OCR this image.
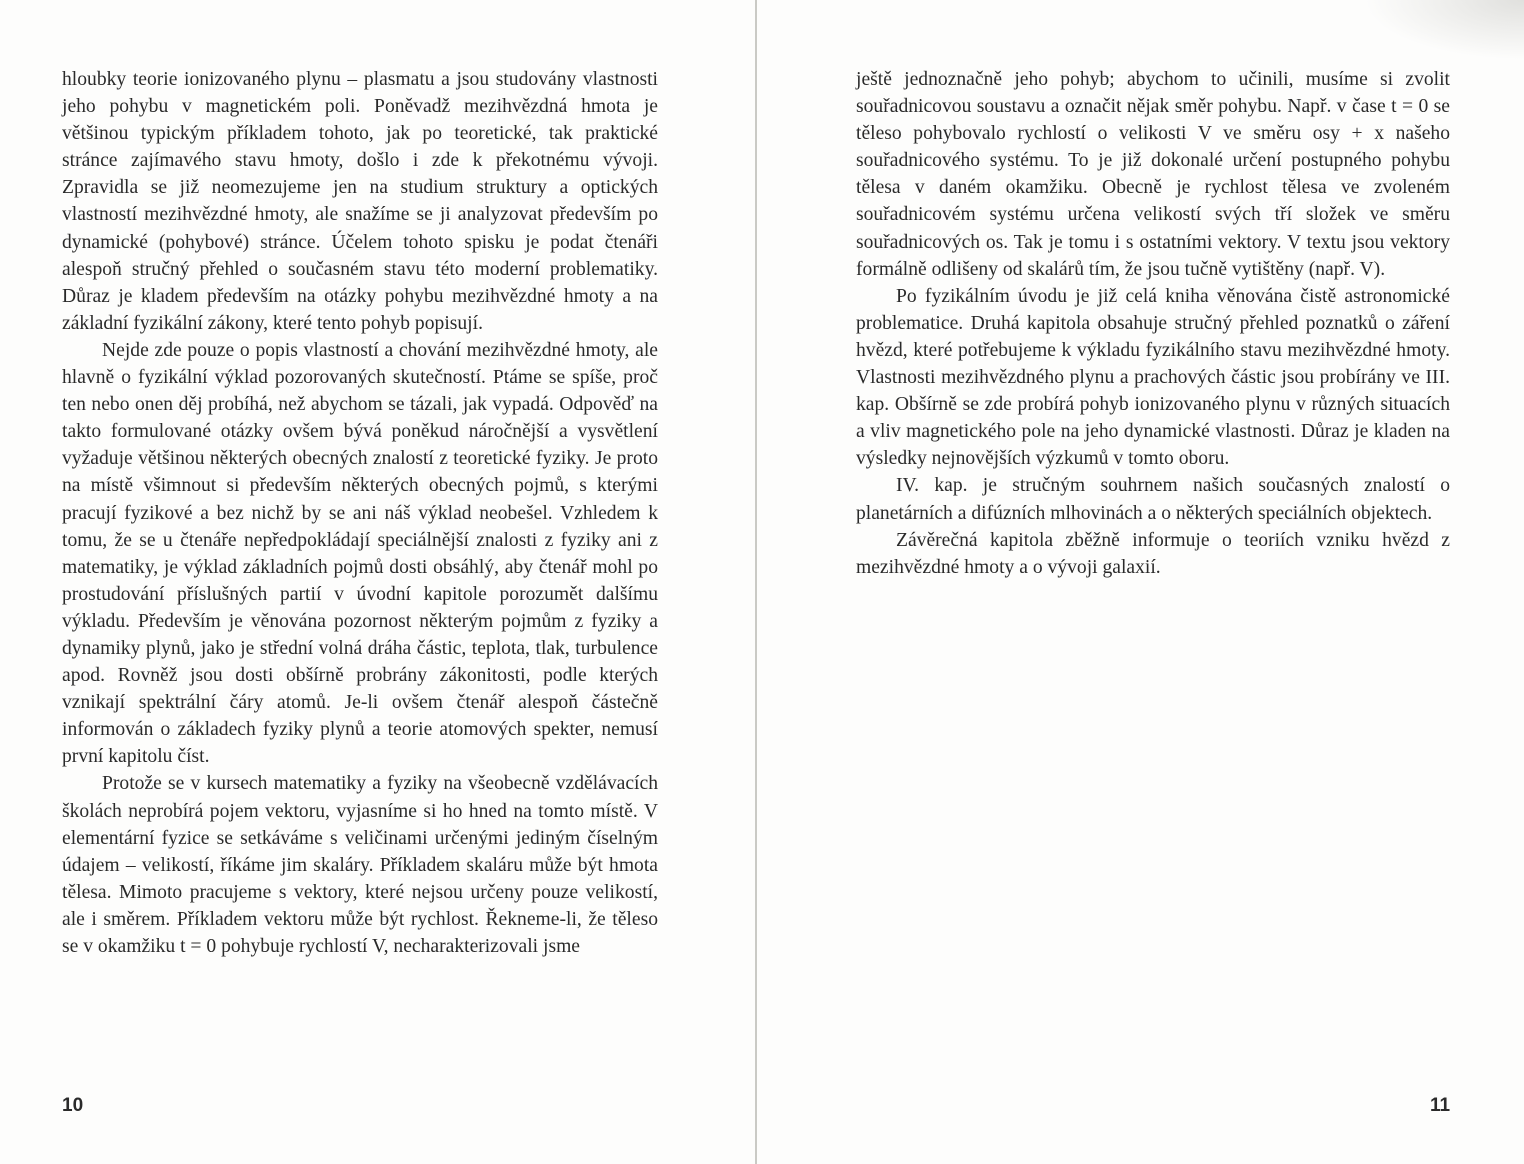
hloubky teorie ionizovaného plynu – plasmatu a jsou studovány vlastnosti jeho pohybu v magnetickém poli. Poněvadž mezihvězdná hmota je většinou typickým příkladem tohoto, jak po teoretické, tak praktické stránce zajímavého stavu hmoty, došlo i zde k překotnému vývoji. Zpravidla se již neomezujeme jen na studium struktury a optických vlastností mezihvězdné hmoty, ale snažíme se ji analyzovat především po dynamické (pohybové) stránce. Účelem tohoto spisku je podat čtenáři alespoň stručný přehled o současném stavu této moderní problematiky. Důraz je kladem především na otázky pohybu mezihvězdné hmoty a na základní fyzikální zákony, které tento pohyb popisují.

Nejde zde pouze o popis vlastností a chování mezihvězdné hmoty, ale hlavně o fyzikální výklad pozorovaných skutečností. Ptáme se spíše, proč ten nebo onen děj probíhá, než abychom se tázali, jak vypadá. Odpověď na takto formulované otázky ovšem bývá poněkud náročnější a vysvětlení vyžaduje většinou některých obecných znalostí z teoretické fyziky. Je proto na místě všimnout si především některých obecných pojmů, s kterými pracují fyzikové a bez nichž by se ani náš výklad neobešel. Vzhledem k tomu, že se u čtenáře nepředpokládají speciálnější znalosti z fyziky ani z matematiky, je výklad základních pojmů dosti obsáhlý, aby čtenář mohl po prostudování příslušných partií v úvodní kapitole porozumět dalšímu výkladu. Především je věnována pozornost některým pojmům z fyziky a dynamiky plynů, jako je střední volná dráha částic, teplota, tlak, turbulence apod. Rovněž jsou dosti obšírně probrány zákonitosti, podle kterých vznikají spektrální čáry atomů. Je-li ovšem čtenář alespoň částečně informován o základech fyziky plynů a teorie atomových spekter, nemusí první kapitolu číst.

Protože se v kursech matematiky a fyziky na všeobecně vzdělávacích školách neprobírá pojem vektoru, vyjasníme si ho hned na tomto místě. V elementární fyzice se setkáváme s veličinami určenými jediným číselným údajem – velikostí, říkáme jim skaláry. Příkladem skaláru může být hmota tělesa. Mimoto pracujeme s vektory, které nejsou určeny pouze velikostí, ale i směrem. Příkladem vektoru může být rychlost. Řekneme-li, že těleso se v okamžiku t = 0 pohybuje rychlostí V, necharakterizovali jsme

ještě jednoznačně jeho pohyb; abychom to učinili, musíme si zvolit souřadnicovou soustavu a označit nějak směr pohybu. Např. v čase t = 0 se těleso pohybovalo rychlostí o velikosti V ve směru osy + x našeho souřadnicového systému. To je již dokonalé určení postupného pohybu tělesa v daném okamžiku. Obecně je rychlost tělesa ve zvoleném souřadnicovém systému určena velikostí svých tří složek ve směru souřadnicových os. Tak je tomu i s ostatními vektory. V textu jsou vektory formálně odlišeny od skalárů tím, že jsou tučně vytištěny (např. V).

Po fyzikálním úvodu je již celá kniha věnována čistě astronomické problematice. Druhá kapitola obsahuje stručný přehled poznatků o záření hvězd, které potřebujeme k výkladu fyzikálního stavu mezihvězdné hmoty. Vlastnosti mezihvězdného plynu a prachových částic jsou probírány ve III. kap. Obšírně se zde probírá pohyb ionizovaného plynu v různých situacích a vliv magnetického pole na jeho dynamické vlastnosti. Důraz je kladen na výsledky nejnovějších výzkumů v tomto oboru.

IV. kap. je stručným souhrnem našich současných znalostí o planetárních a difúzních mlhovinách a o některých speciálních objektech.

Závěrečná kapitola zběžně informuje o teoriích vzniku hvězd z mezihvězdné hmoty a o vývoji galaxií.

10	11
